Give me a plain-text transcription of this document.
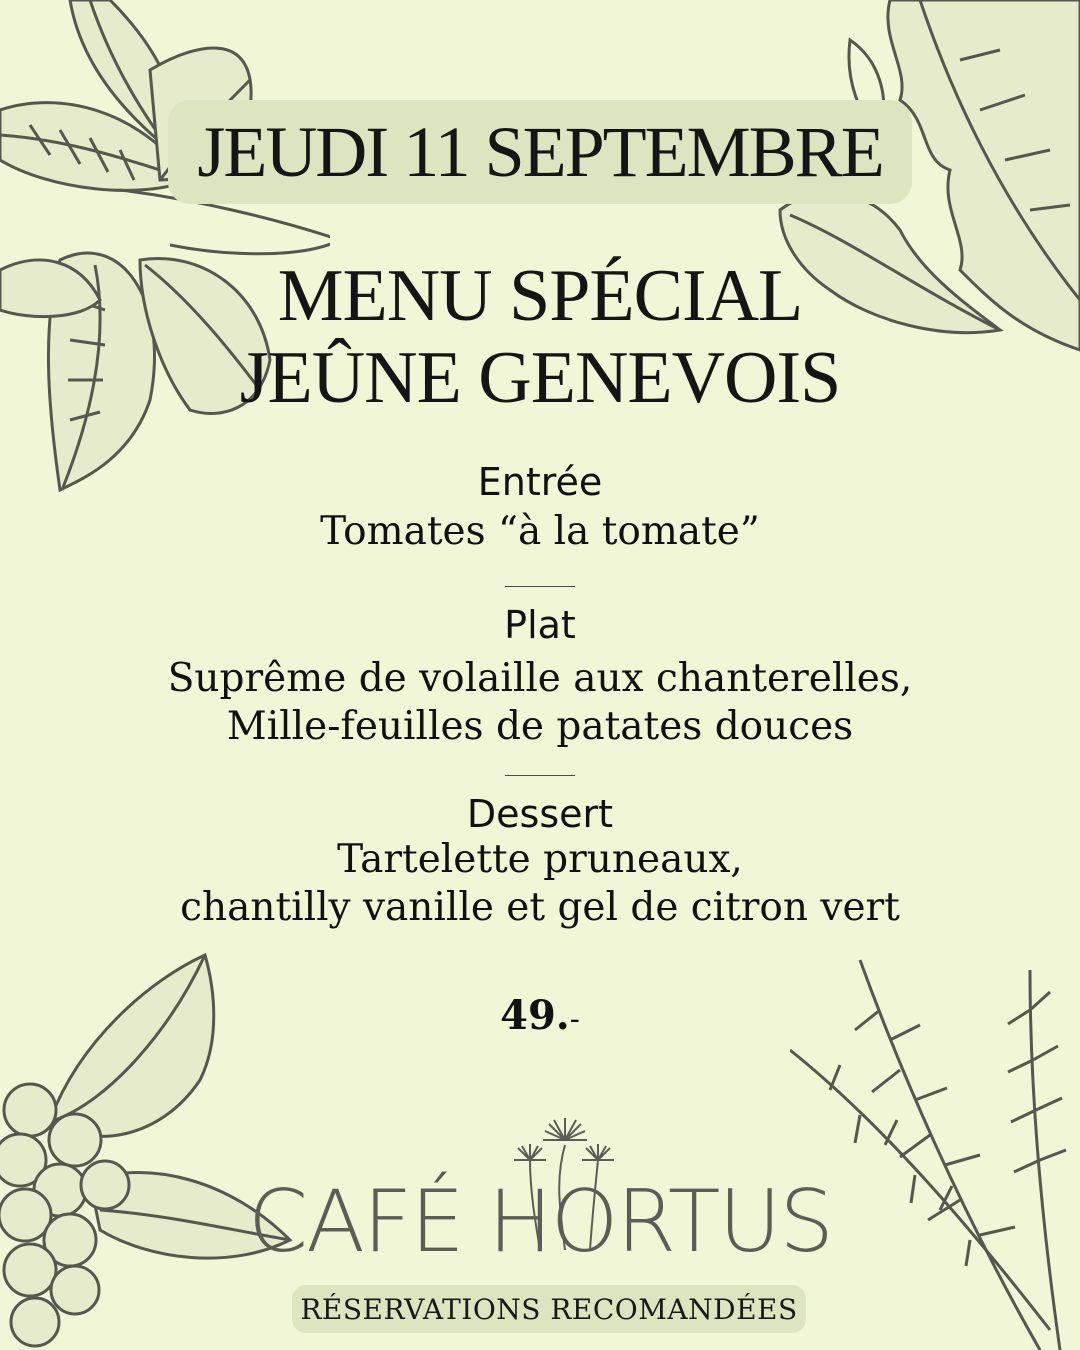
JEUDI 11 SEPTEMBRE
MENU SPÉCIAL
JEÛNE GENEVOIS
Entrée
Tomates “à la tomate”
Plat
Suprême de volaille aux chanterelles,
Mille-feuilles de patates douces
Dessert
Tartelette pruneaux,
chantilly vanille et gel de citron vert
49.-
CAFÉ HORTUS
RÉSERVATIONS RECOMANDÉES
